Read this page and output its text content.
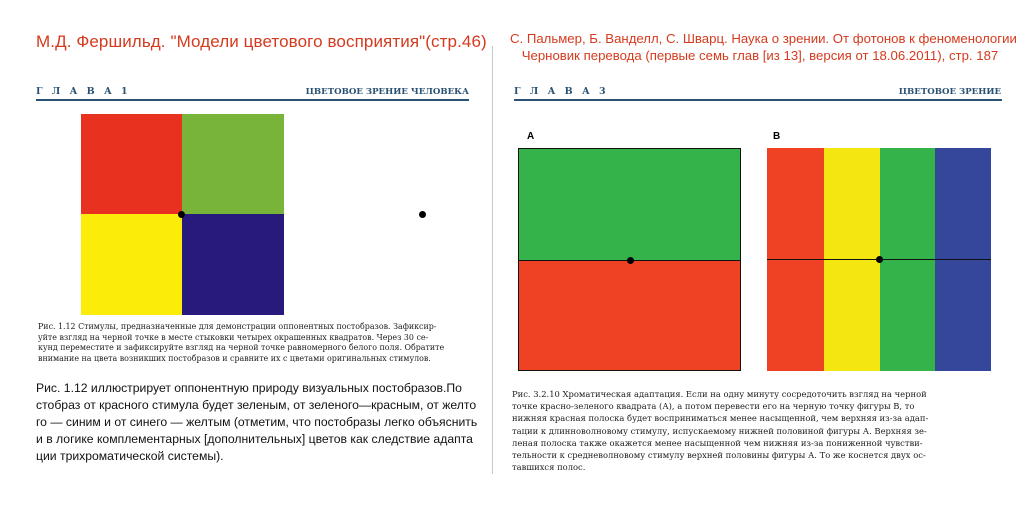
М.Д. Фершильд. "Модели цветового восприятия"(стр.46)
Г Л А В А 1	ЦВЕТОВОЕ ЗРЕНИЕ ЧЕЛОВЕКА
Рис. 1.12 Стимулы, предназначенные для демонстрации оппонентных постобразов. Зафиксир-
уйте взгляд на черной точке в месте стыковки четырех окрашенных квадратов. Через 30 се-
кунд переместите и зафиксируйте взгляд на черной точке равномерного белого поля. Обратите
внимание на цвета возникших постобразов и сравните их с цветами оригинальных стимулов.
Рис. 1.12 иллюстрирует оппонентную природу визуальных постобразов.По
стобраз от красного стимула будет зеленым, от зеленого—красным, от желто
го — синим и от синего — желтым (отметим, что постобразы легко объяснить
и в логике комплементарных [дополнительных] цветов как следствие адапта
ции трихроматической системы).
С. Пальмер, Б. Ванделл, С. Шварц. Наука о зрении. От фотонов к феноменологии
Черновик перевода (первые семь глав [из 13], версия от 18.06.2011), стр. 187
Г Л А В А 3	ЦВЕТОВОЕ ЗРЕНИЕ
A	B
Рис. 3.2.10 Хроматическая адаптация. Если на одну минуту сосредоточить взгляд на черной
точке красно-зеленого квадрата (А), а потом перевести его на черную точку фигуры В, то
нижняя красная полоска будет восприниматься менее насыщенной, чем верхняя из-за адап-
тации к длинноволновому стимулу, испускаемому нижней половиной фигуры А. Верхняя зе-
леная полоска также окажется менее насыщенной чем нижняя из-за пониженной чувстви-
тельности к средневолновому стимулу верхней половины фигуры А. То же коснется двух ос-
тавшихся полос.
